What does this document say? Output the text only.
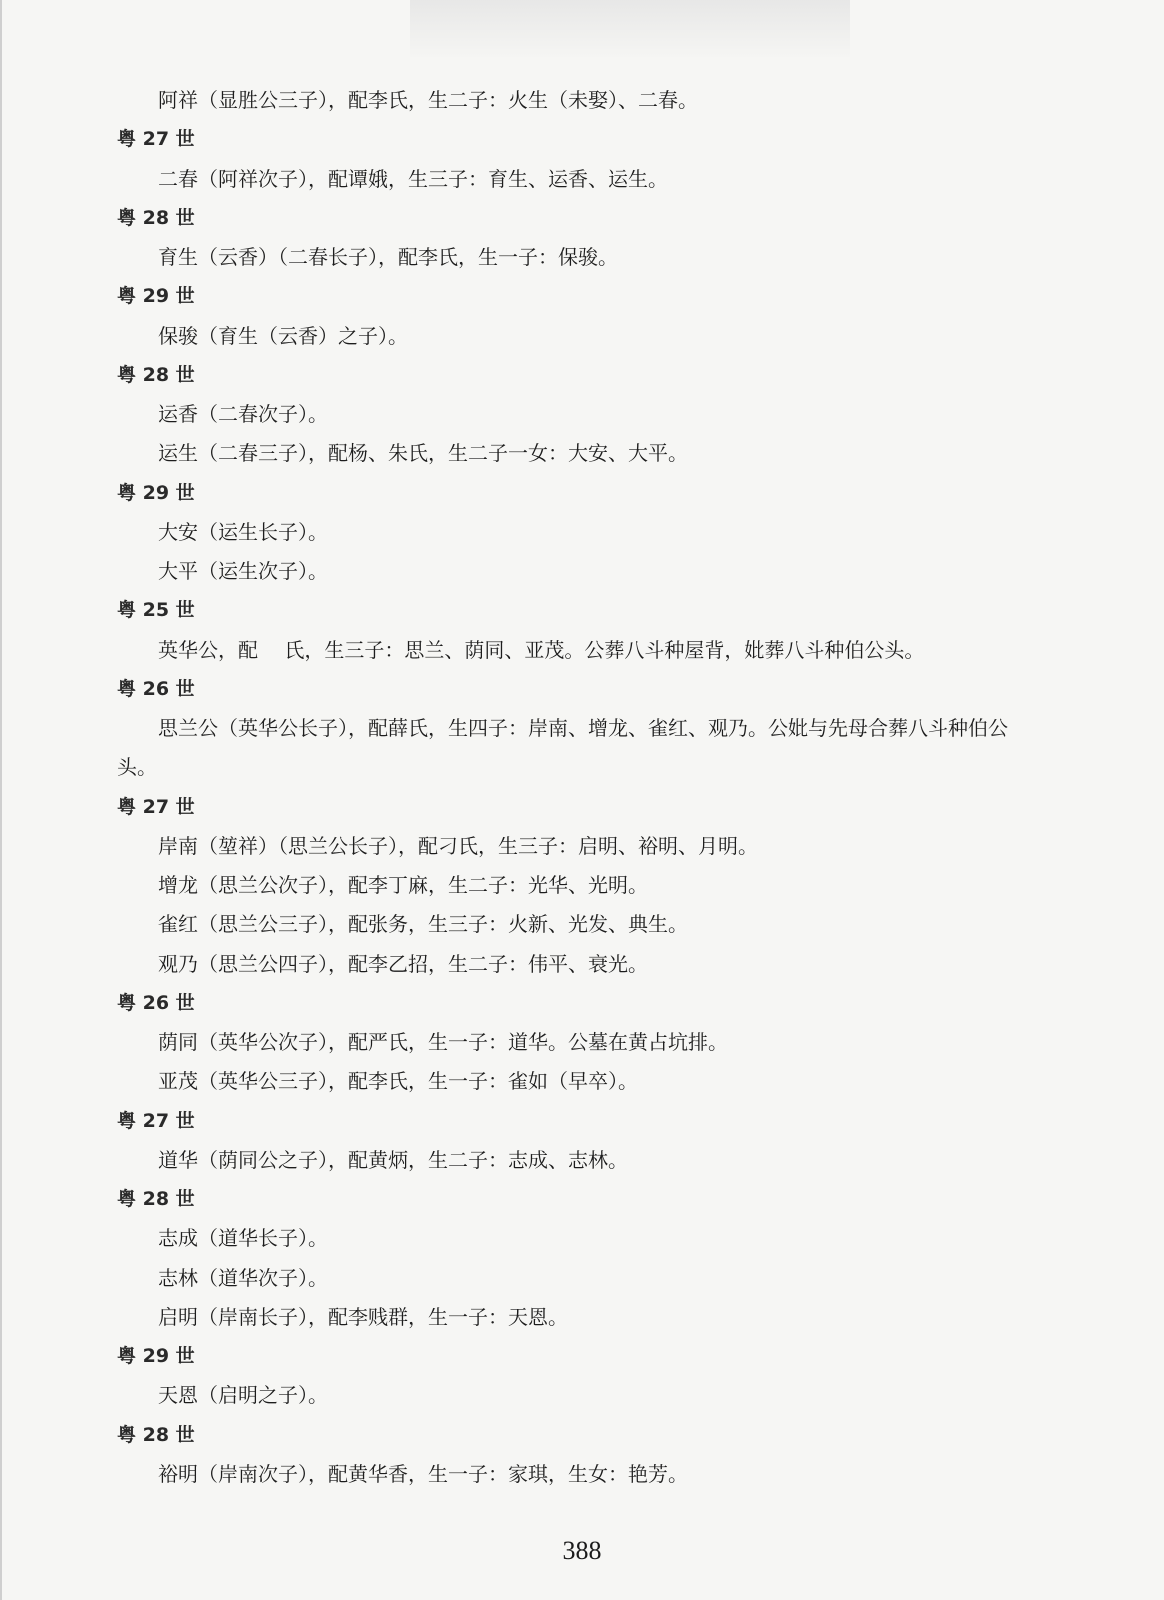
阿祥（显胜公三子），配李氏，生二子：火生（未娶）、二春。
粤 27 世
二春（阿祥次子），配谭娥，生三子：育生、运香、运生。
粤 28 世
育生（云香）（二春长子），配李氏，生一子：保骏。
粤 29 世
保骏（育生（云香）之子）。
粤 28 世
运香（二春次子）。
运生（二春三子），配杨、朱氏，生二子一女：大安、大平。
粤 29 世
大安（运生长子）。
大平（运生次子）。
粤 25 世
英华公，配　 氏，生三子：思兰、荫同、亚茂。公葬八斗种屋背，妣葬八斗种伯公头。
粤 26 世
思兰公（英华公长子），配薛氏，生四子：岸南、增龙、雀红、观乃。公妣与先母合葬八斗种伯公
头。
粤 27 世
岸南（堃祥）（思兰公长子），配刁氏，生三子：启明、裕明、月明。
增龙（思兰公次子），配李丁麻，生二子：光华、光明。
雀红（思兰公三子），配张务，生三子：火新、光发、典生。
观乃（思兰公四子），配李乙招，生二子：伟平、衰光。
粤 26 世
荫同（英华公次子），配严氏，生一子：道华。公墓在黄占坑排。
亚茂（英华公三子），配李氏，生一子：雀如（早卒）。
粤 27 世
道华（荫同公之子），配黄炳，生二子：志成、志林。
粤 28 世
志成（道华长子）。
志林（道华次子）。
启明（岸南长子），配李贱群，生一子：天恩。
粤 29 世
天恩（启明之子）。
粤 28 世
裕明（岸南次子），配黄华香，生一子：家琪，生女：艳芳。
388
